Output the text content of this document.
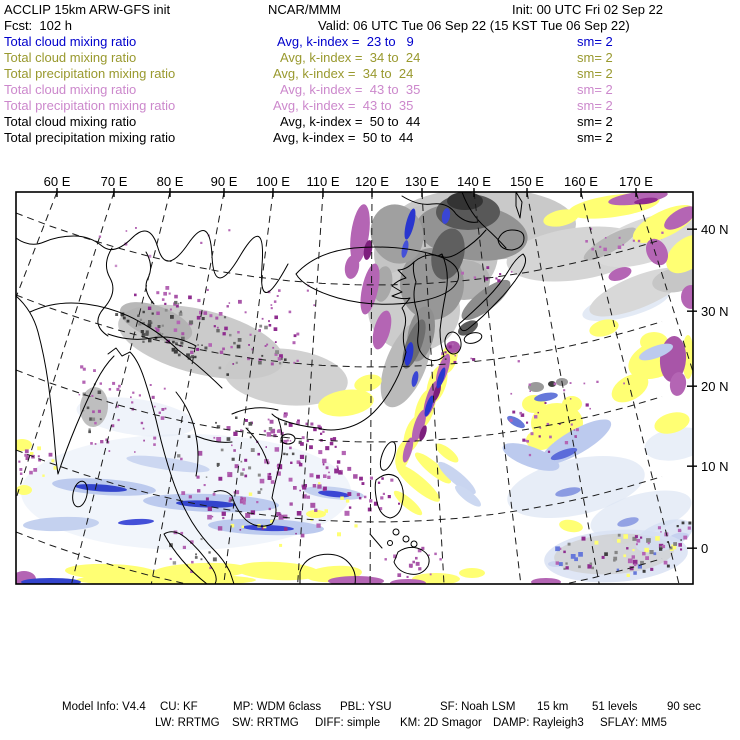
ACCLIP 15km ARW-GFS init	NCAR/MMM	Init: 00 UTC Fri 02 Sep 22
Fcst:  102 h	Valid: 06 UTC Tue 06 Sep 22 (15 KST Tue 06 Sep 22)
Total cloud mixing ratio	Avg, k-index =  23 to   9	sm= 2
Total cloud mixing ratio	Avg, k-index =  34 to  24	sm= 2
Total precipitation mixing ratio	Avg, k-index =  34 to  24	sm= 2
Total cloud mixing ratio	Avg, k-index =  43 to  35	sm= 2
Total precipitation mixing ratio	Avg, k-index =  43 to  35	sm= 2
Total cloud mixing ratio	Avg, k-index =  50 to  44	sm= 2
Total precipitation mixing ratio	Avg, k-index =  50 to  44	sm= 2
60 E	70 E	80 E	90 E	100 E 110 E 120 E 130 E 140 E 150 E 160 E 170 E
40 N
30 N
20 N
10 N
0
Model Info: V4.4 CU: KF	MP: WDM 6class PBL: YSU	SF: Noah LSM 15 km 51 levels	90 sec
LW: RRTMG SW: RRTMG DIFF: simple KM: 2D Smagor DAMP: Rayleigh3 SFLAY: MM5
